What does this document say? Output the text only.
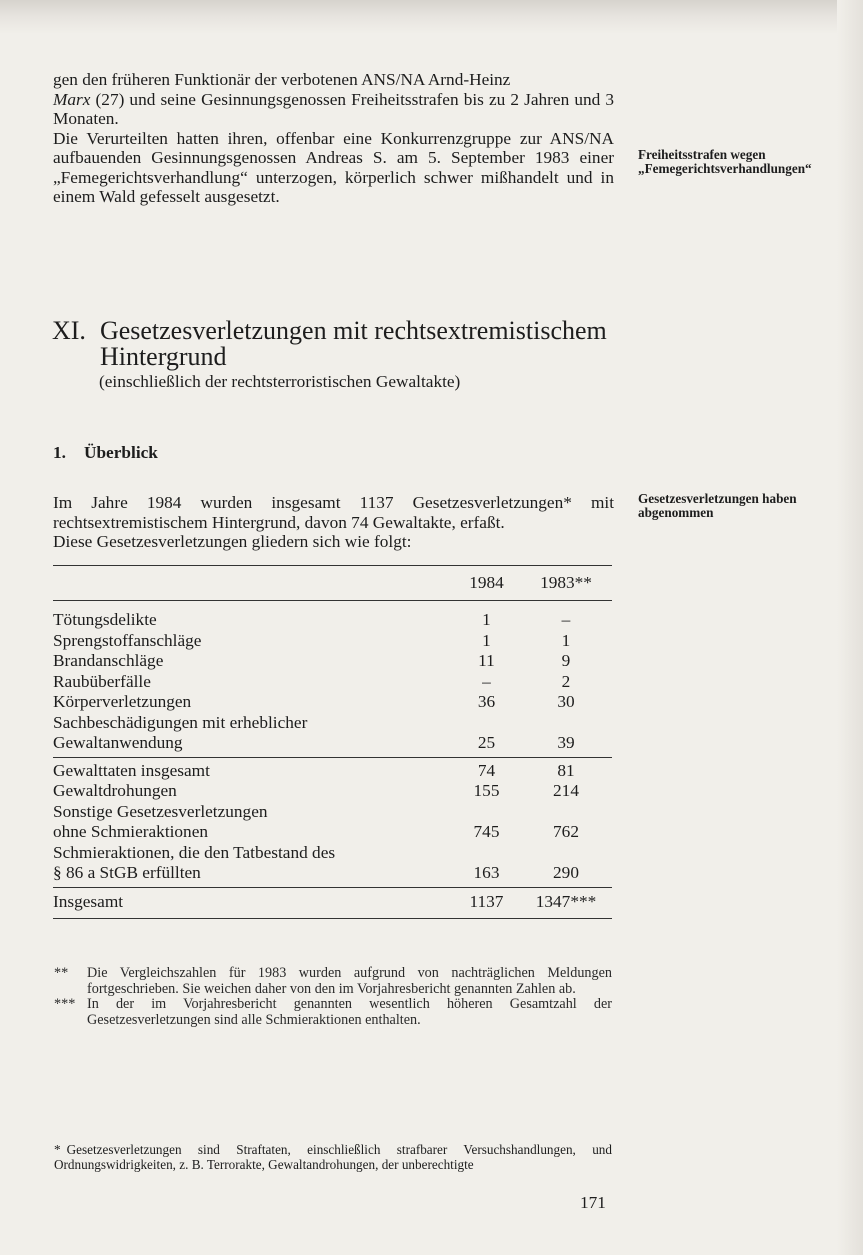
gen den früheren Funktionär der verbotenen ANS/NA Arnd-Heinz

Marx (27) und seine Gesinnungsgenossen Freiheitsstrafen bis zu 2 Jahren und 3 Monaten.

Die Verurteilten hatten ihren, offenbar eine Konkurrenzgruppe zur ANS/NA aufbauenden Gesinnungsgenossen Andreas S. am 5. September 1983 einer „Femegerichtsverhandlung“ unterzogen, körperlich schwer mißhandelt und in einem Wald gefesselt ausgesetzt.

Freiheitsstrafen wegen „Femegerichtsverhandlungen“
XI. Gesetzesverletzungen mit rechtsextremistischem Hintergrund
(einschließlich der rechtsterroristischen Gewaltakte)
1. Überblick

Im Jahre 1984 wurden insgesamt 1137 Gesetzesverletzungen* mit rechtsextremistischem Hintergrund, davon 74 Gewaltakte, erfaßt.

Diese Gesetzesverletzungen gliedern sich wie folgt:

Gesetzesverletzungen haben abgenommen
	1984	1983**
Tötungsdelikte	1	–
Sprengstoffanschläge	1	1
Brandanschläge	11	9
Raubüberfälle	–	2
Körperverletzungen	36	30
Sachbeschädigungen mit erheblicher		
Gewaltanwendung	25	39
Gewalttaten insgesamt	74	81
Gewaltdrohungen	155	214
Sonstige Gesetzesverletzungen		
ohne Schmieraktionen	745	762
Schmieraktionen, die den Tatbestand des		
§ 86 a StGB erfüllten	163	290
Insgesamt	1137	1347***
**	Die Vergleichszahlen für 1983 wurden aufgrund von nachträglichen Meldungen fortgeschrieben. Sie weichen daher von den im Vorjahresbericht genannten Zahlen ab.
*** In der im Vorjahresbericht genannten wesentlich höheren Gesamtzahl der Gesetzesverletzungen sind alle Schmieraktionen enthalten.
* Gesetzesverletzungen sind Straftaten, einschließlich strafbarer Versuchshandlungen, und Ordnungswidrigkeiten, z. B. Terrorakte, Gewaltandrohungen, der unberechtigte
171
